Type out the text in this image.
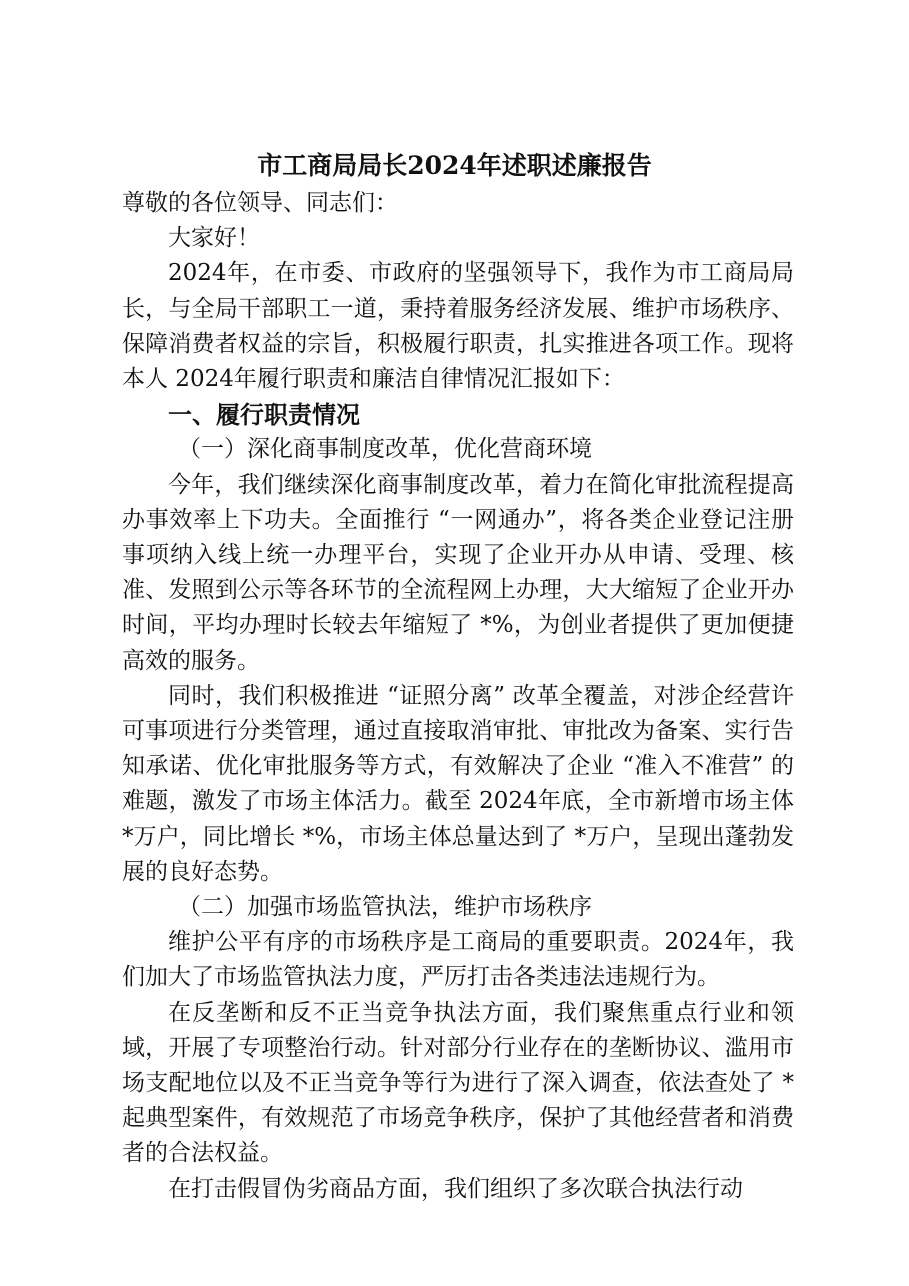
市工商局局长2024年述职述廉报告

尊敬的各位领导、同志们：

大家好！

2024年，在市委、市政府的坚强领导下，我作为市工商局局长，与全局干部职工一道，秉持着服务经济发展、维护市场秩序、保障消费者权益的宗旨，积极履行职责，扎实推进各项工作。现将本人 2024年履行职责和廉洁自律情况汇报如下：

一、履行职责情况

（一）深化商事制度改革，优化营商环境

今年，我们继续深化商事制度改革，着力在简化审批流程提高办事效率上下功夫。全面推行 “一网通办”，将各类企业登记注册事项纳入线上统一办理平台，实现了企业开办从申请、受理、核准、发照到公示等各环节的全流程网上办理，大大缩短了企业开办时间，平均办理时长较去年缩短了 *%，为创业者提供了更加便捷高效的服务。

同时，我们积极推进 “证照分离” 改革全覆盖，对涉企经营许可事项进行分类管理，通过直接取消审批、审批改为备案、实行告知承诺、优化审批服务等方式，有效解决了企业 “准入不准营” 的难题，激发了市场主体活力。截至 2024年底，全市新增市场主体 *万户，同比增长 *%，市场主体总量达到了 *万户，呈现出蓬勃发展的良好态势。

（二）加强市场监管执法，维护市场秩序

维护公平有序的市场秩序是工商局的重要职责。2024年，我们加大了市场监管执法力度，严厉打击各类违法违规行为。

在反垄断和反不正当竞争执法方面，我们聚焦重点行业和领域，开展了专项整治行动。针对部分行业存在的垄断协议、滥用市场支配地位以及不正当竞争等行为进行了深入调查，依法查处了 *起典型案件，有效规范了市场竞争秩序，保护了其他经营者和消费者的合法权益。

在打击假冒伪劣商品方面，我们组织了多次联合执法行动
